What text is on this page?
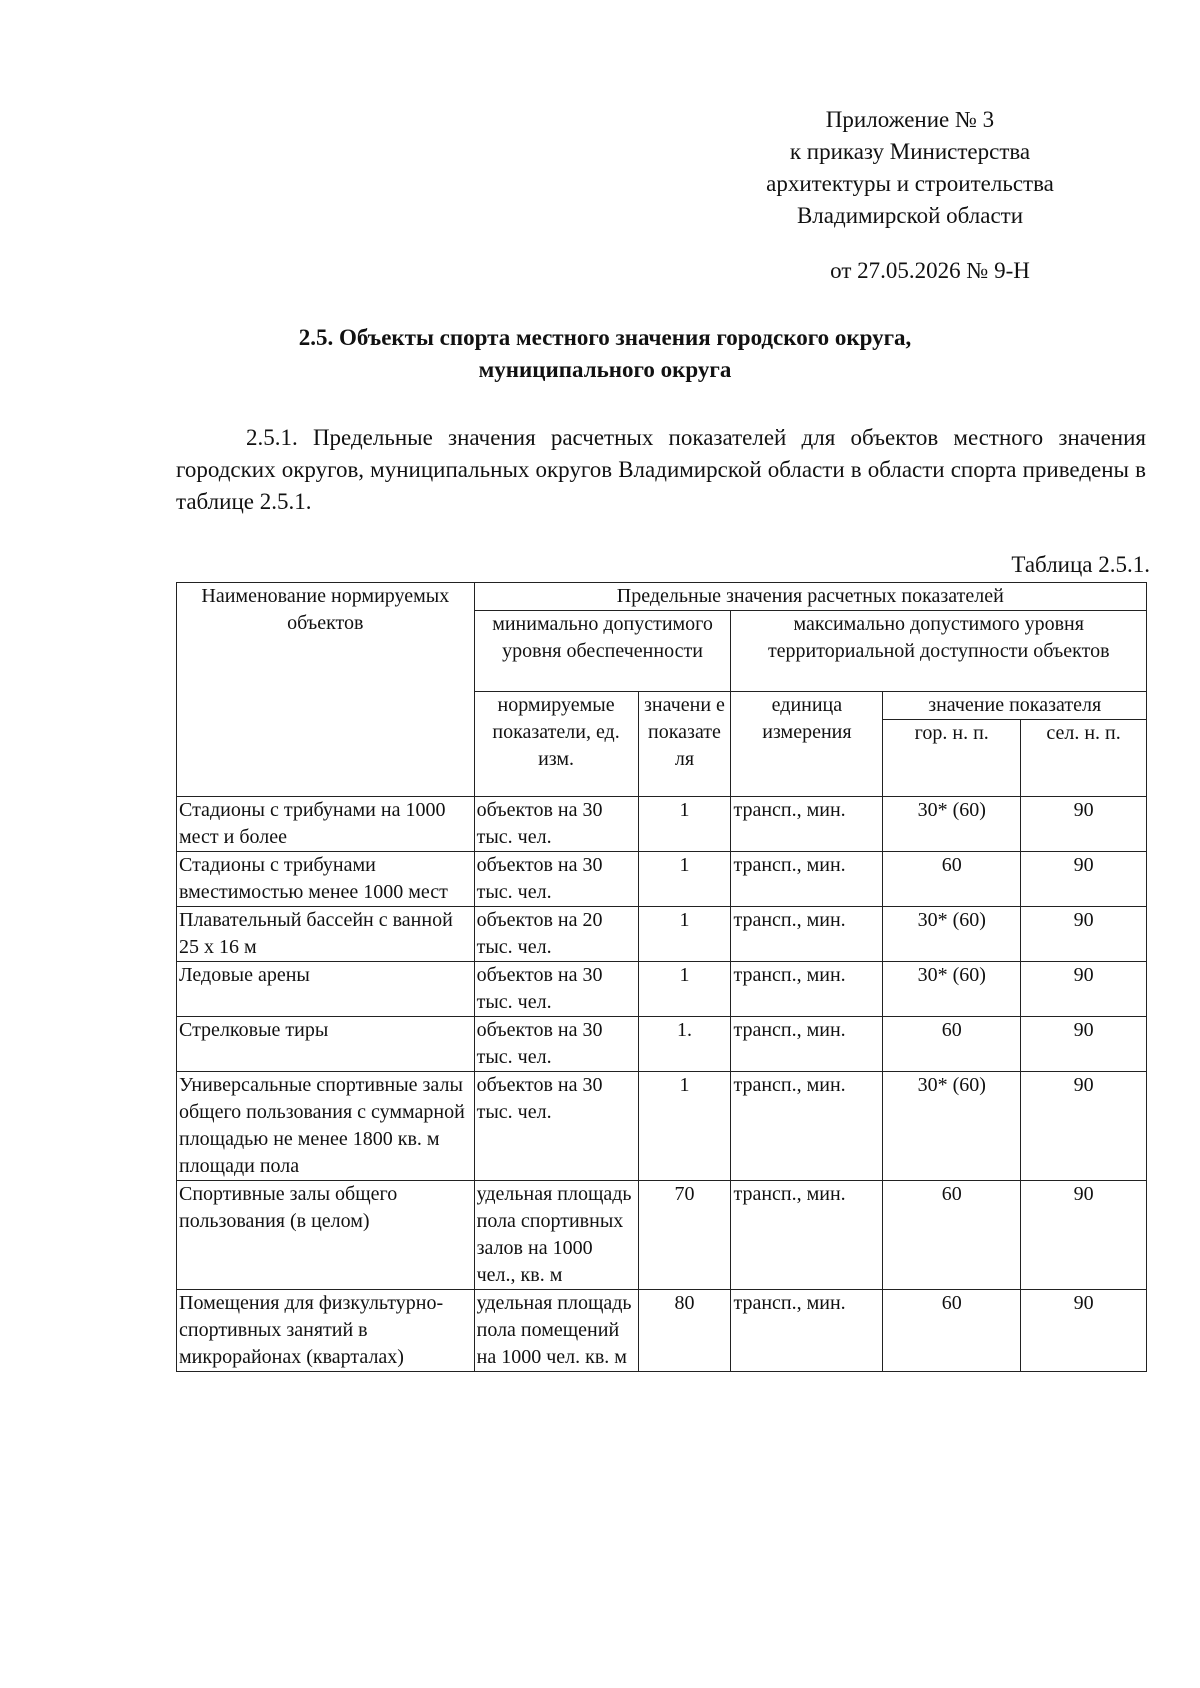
Приложение № 3
к приказу Министерства
архитектуры и строительства
Владимирской области
от 27.05.2026 № 9-Н
2.5. Объекты спорта местного значения городского округа,
муниципального округа
2.5.1. Предельные значения расчетных показателей для объектов местного значения городских округов, муниципальных округов Владимирской области в области спорта приведены в таблице 2.5.1.
Таблица 2.5.1.
Наименование нормируемых объектов	Предельные значения расчетных показателей				
	минимально допустимого уровня обеспеченности		максимально допустимого уровня территориальной доступности объектов		
	нормируемые показатели, ед. изм.	значени е показате ля	единица измерения	значение показателя	
				гор. н. п.	сел. н. п.
Стадионы с трибунами на 1000 мест и более	объектов на 30 тыс. чел.	1	трансп., мин.	30* (60)	90
Стадионы с трибунами вместимостью менее 1000 мест	объектов на 30 тыс. чел.	1	трансп., мин.	60	90
Плавательный бассейн с ванной 25 х 16 м	объектов на 20 тыс. чел.	1	трансп., мин.	30* (60)	90
Ледовые арены	объектов на 30 тыс. чел.	1	трансп., мин.	30* (60)	90
Стрелковые тиры	объектов на 30 тыс. чел.	1.	трансп., мин.	60	90
Универсальные спортивные залы общего пользования с суммарной площадью не менее 1800 кв. м площади пола	объектов на 30 тыс. чел.	1	трансп., мин.	30* (60)	90
Спортивные залы общего пользования (в целом)	удельная площадь пола спортивных залов на 1000 чел., кв. м	70	трансп., мин.	60	90
Помещения для физкультурно-спортивных занятий в микрорайонах (кварталах)	удельная площадь пола помещений на 1000 чел. кв. м	80	трансп., мин.	60	90
